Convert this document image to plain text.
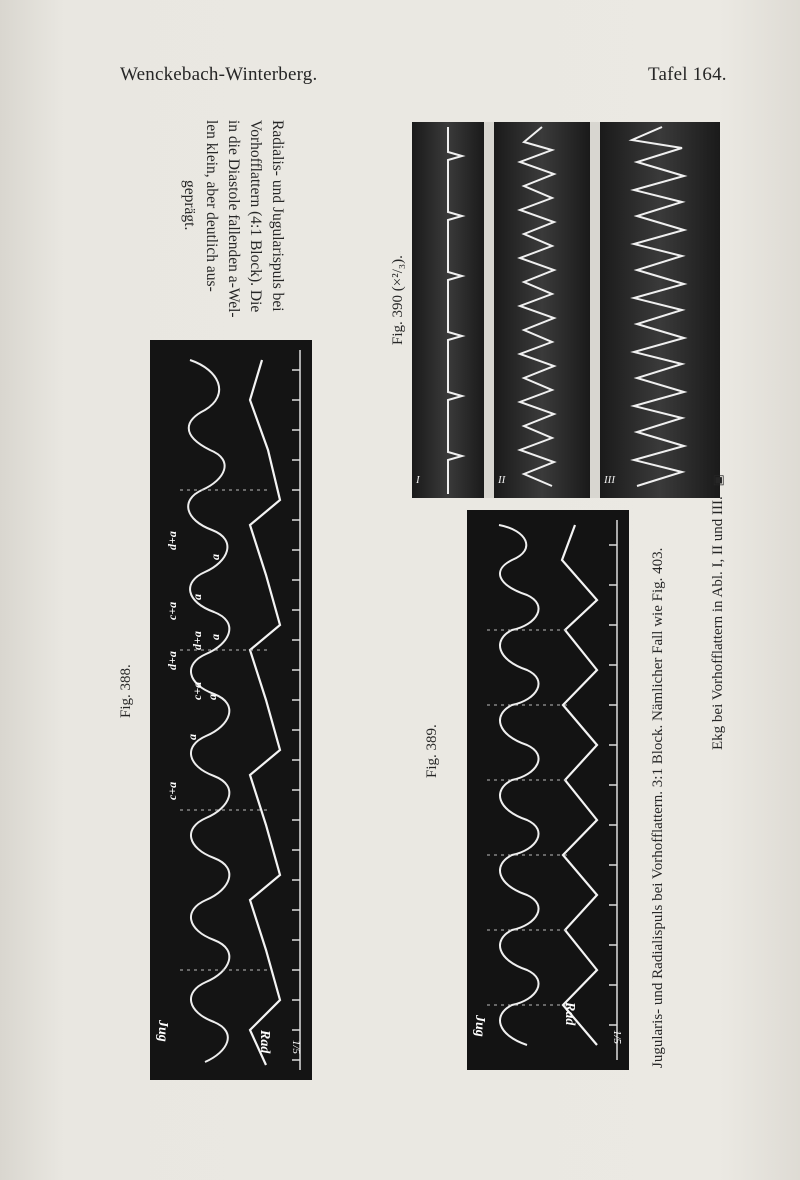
Wenckebach-Winterberg.	Tafel 164.
Fig. 388.
Radialis- und Jugularispuls bei
Vorhofflattern (4:1 Block). Die
in die Diastole fallenden a-Wel-
len klein, aber deutlich aus-
geprägt.
Jug	Rad 1/5
c+a
a
a
d+a
c+a
d+a
a
a
a
c+a
d+a
Fig. 390 (×²/₃).
I	II	III
Ekg bei Vorhofflattern in Abl. I, II und III. ▣
Fig. 389.
Jug
Rad
1/5 Jugularis- und Radialispuls bei Vorhofflattern. 3:1 Block. Nämlicher Fall wie Fig. 403.
